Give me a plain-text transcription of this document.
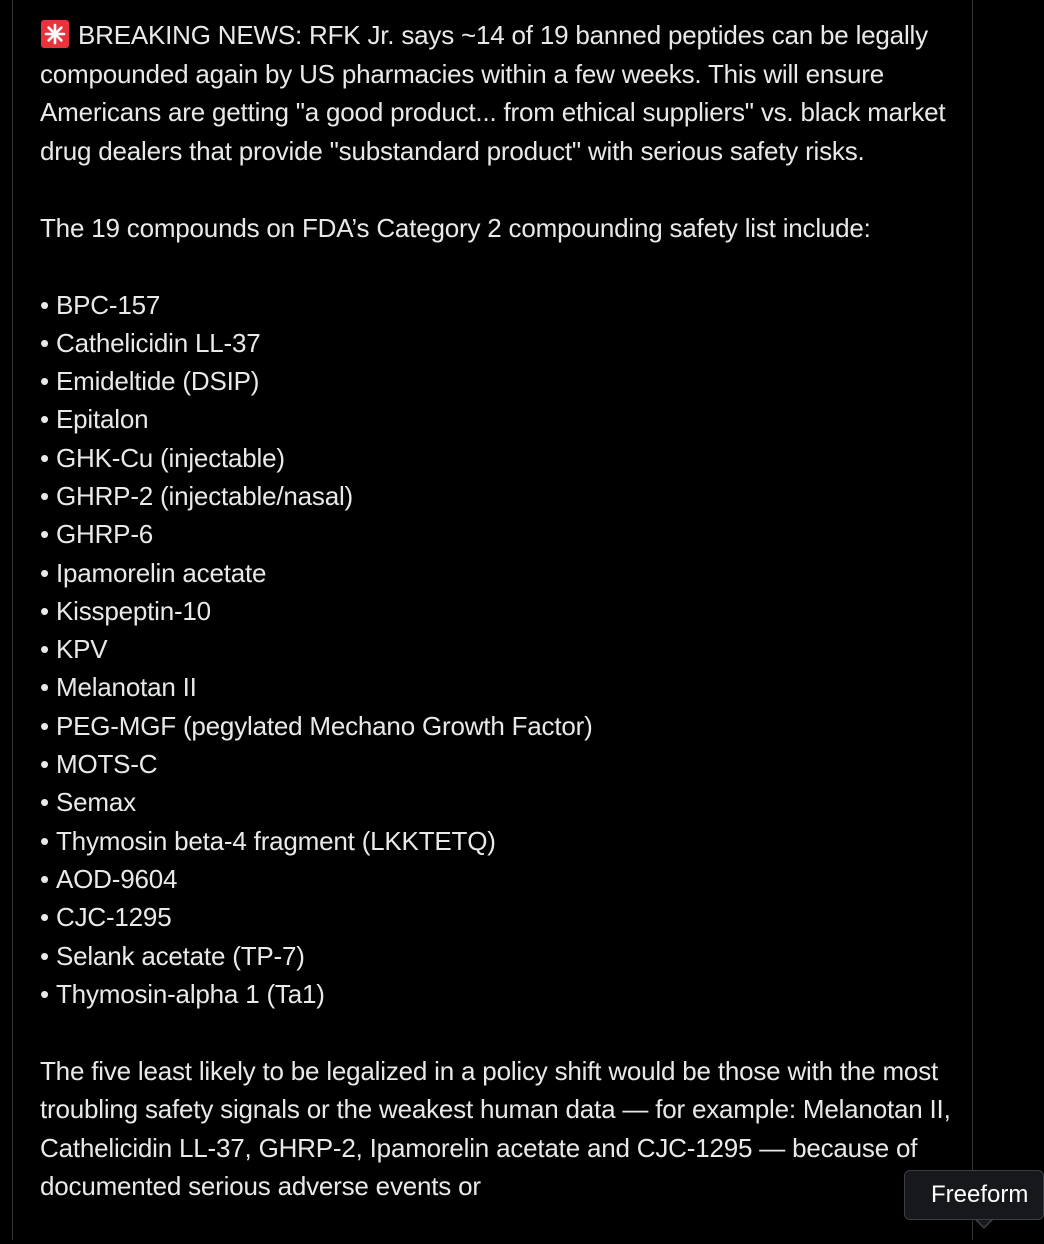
BREAKING NEWS: RFK Jr. says ~14 of 19 banned peptides can be legally compounded again by US pharmacies within a few weeks. This will ensure Americans are getting "a good product... from ethical suppliers" vs. black market drug dealers that provide "substandard product" with serious safety risks.

The 19 compounds on FDA’s Category 2 compounding safety list include:

• BPC-157
• Cathelicidin LL-37
• Emideltide (DSIP)
• Epitalon
• GHK-Cu (injectable)
• GHRP-2 (injectable/nasal)
• GHRP-6
• Ipamorelin acetate
• Kisspeptin-10
• KPV
• Melanotan II
• PEG-MGF (pegylated Mechano Growth Factor)
• MOTS-C
• Semax
• Thymosin beta-4 fragment (LKKTETQ)
• AOD-9604
• CJC-1295
• Selank acetate (TP-7)
• Thymosin-alpha 1 (Ta1)

The five least likely to be legalized in a policy shift would be those with the most troubling safety signals or the weakest human data — for example: Melanotan II, Cathelicidin LL-37, GHRP-2, Ipamorelin acetate and CJC-1295 — because of documented serious adverse events or	Freeform
